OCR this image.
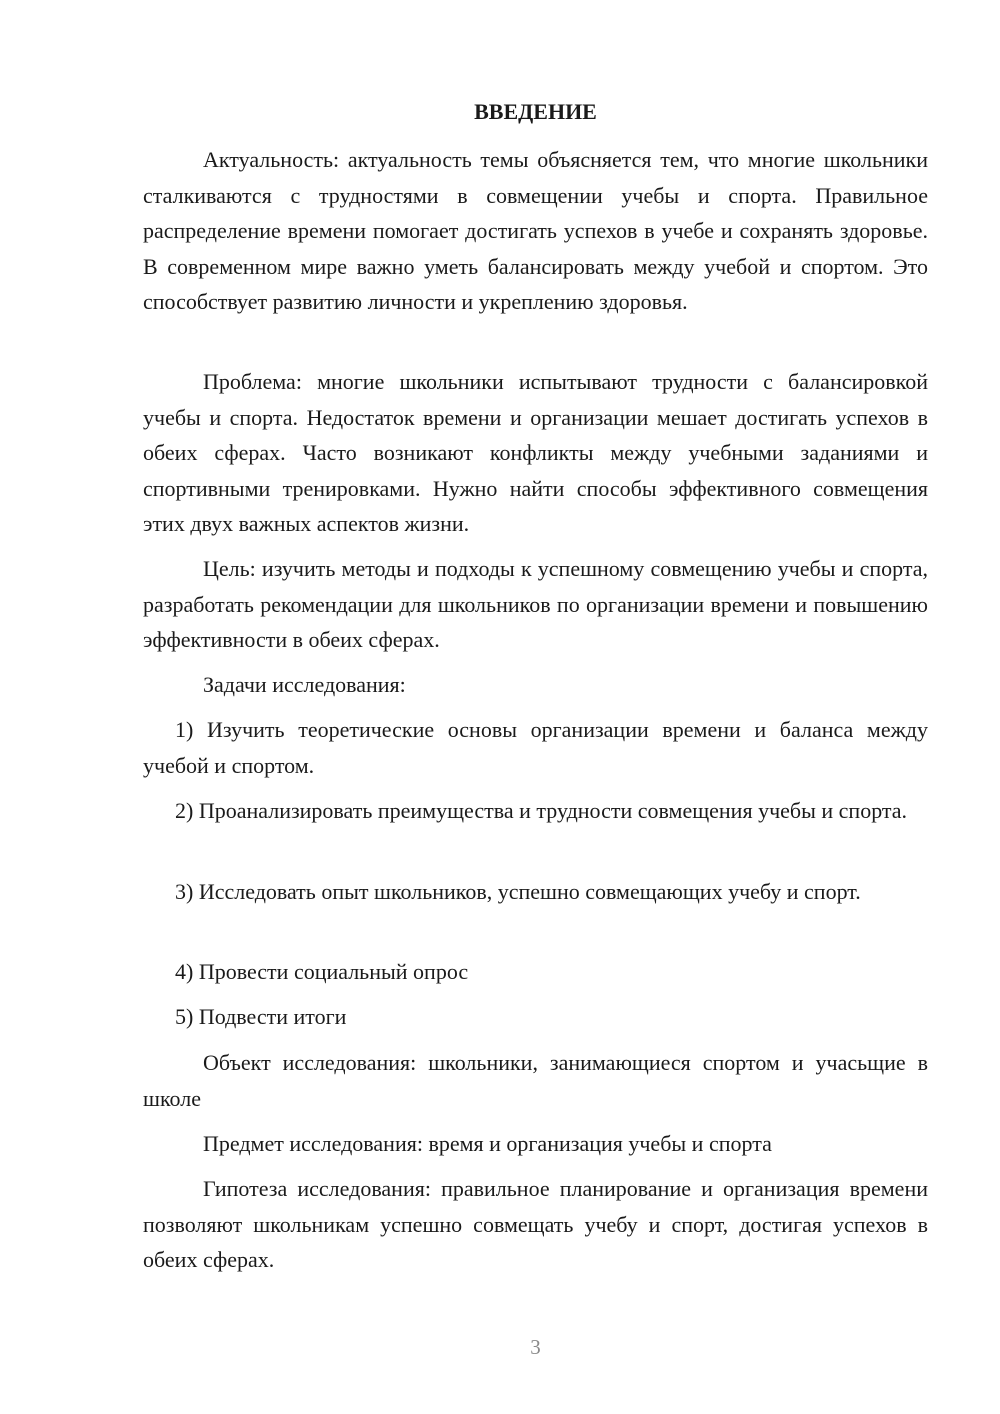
ВВЕДЕНИЕ

Актуальность: актуальность темы объясняется тем, что многие школьники сталкиваются с трудностями в совмещении учебы и спорта. Правильное распределение времени помогает достигать успехов в учебе и сохранять здоровье. В современном мире важно уметь балансировать между учебой и спортом. Это способствует развитию личности и укреплению здоровья.

Проблема: многие школьники испытывают трудности с балансировкой учебы и спорта. Недостаток времени и организации мешает достигать успехов в обеих сферах. Часто возникают конфликты между учебными заданиями и спортивными тренировками. Нужно найти способы эффективного совмещения этих двух важных аспектов жизни.

Цель: изучить методы и подходы к успешному совмещению учебы и спорта, разработать рекомендации для школьников по организации времени и повышению эффективности в обеих сферах.

Задачи исследования:

1) Изучить теоретические основы организации времени и баланса между учебой и спортом.

2) Проанализировать преимущества и трудности совмещения учебы и спорта.

3) Исследовать опыт школьников, успешно совмещающих учебу и спорт.

4) Провести социальный опрос

5) Подвести итоги

Объект исследования: школьники, занимающиеся спортом и учасьщие в школе

Предмет исследования: время и организация учебы и спорта

Гипотеза исследования: правильное планирование и организация времени позволяют школьникам успешно совмещать учебу и спорт, достигая успехов в обеих сферах.

3
